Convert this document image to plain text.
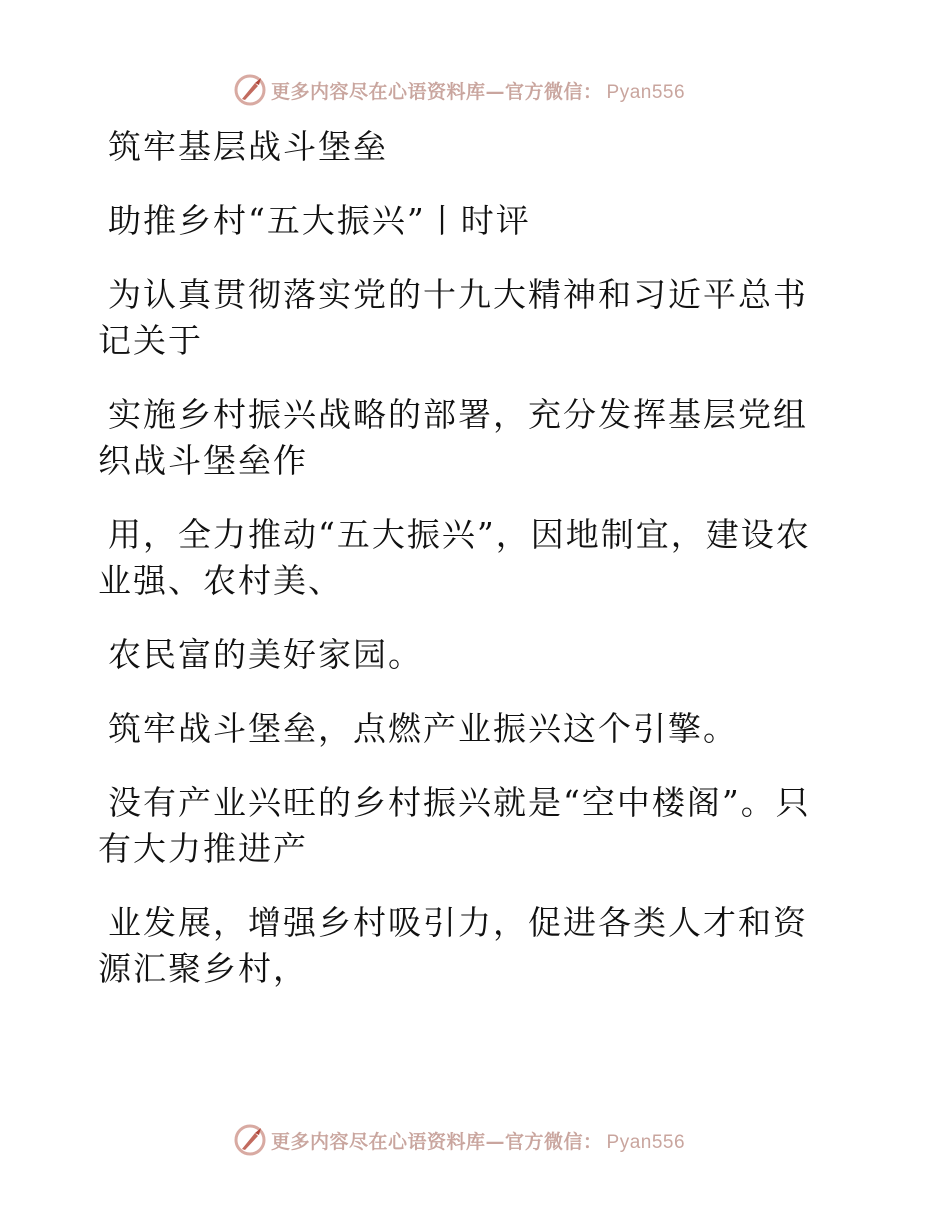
更多内容尽在心语资料库—官方微信： Pyan556

筑牢基层战斗堡垒

助推乡村“五大振兴”丨时评

为认真贯彻落实党的十九大精神和习近平总书记关于

实施乡村振兴战略的部署，充分发挥基层党组织战斗堡垒作

用，全力推动“五大振兴”，因地制宜，建设农业强、农村美、

农民富的美好家园。

筑牢战斗堡垒，点燃产业振兴这个引擎。

没有产业兴旺的乡村振兴就是“空中楼阁”。只有大力推进产

业发展，增强乡村吸引力，促进各类人才和资源汇聚乡村，

更多内容尽在心语资料库—官方微信： Pyan556
